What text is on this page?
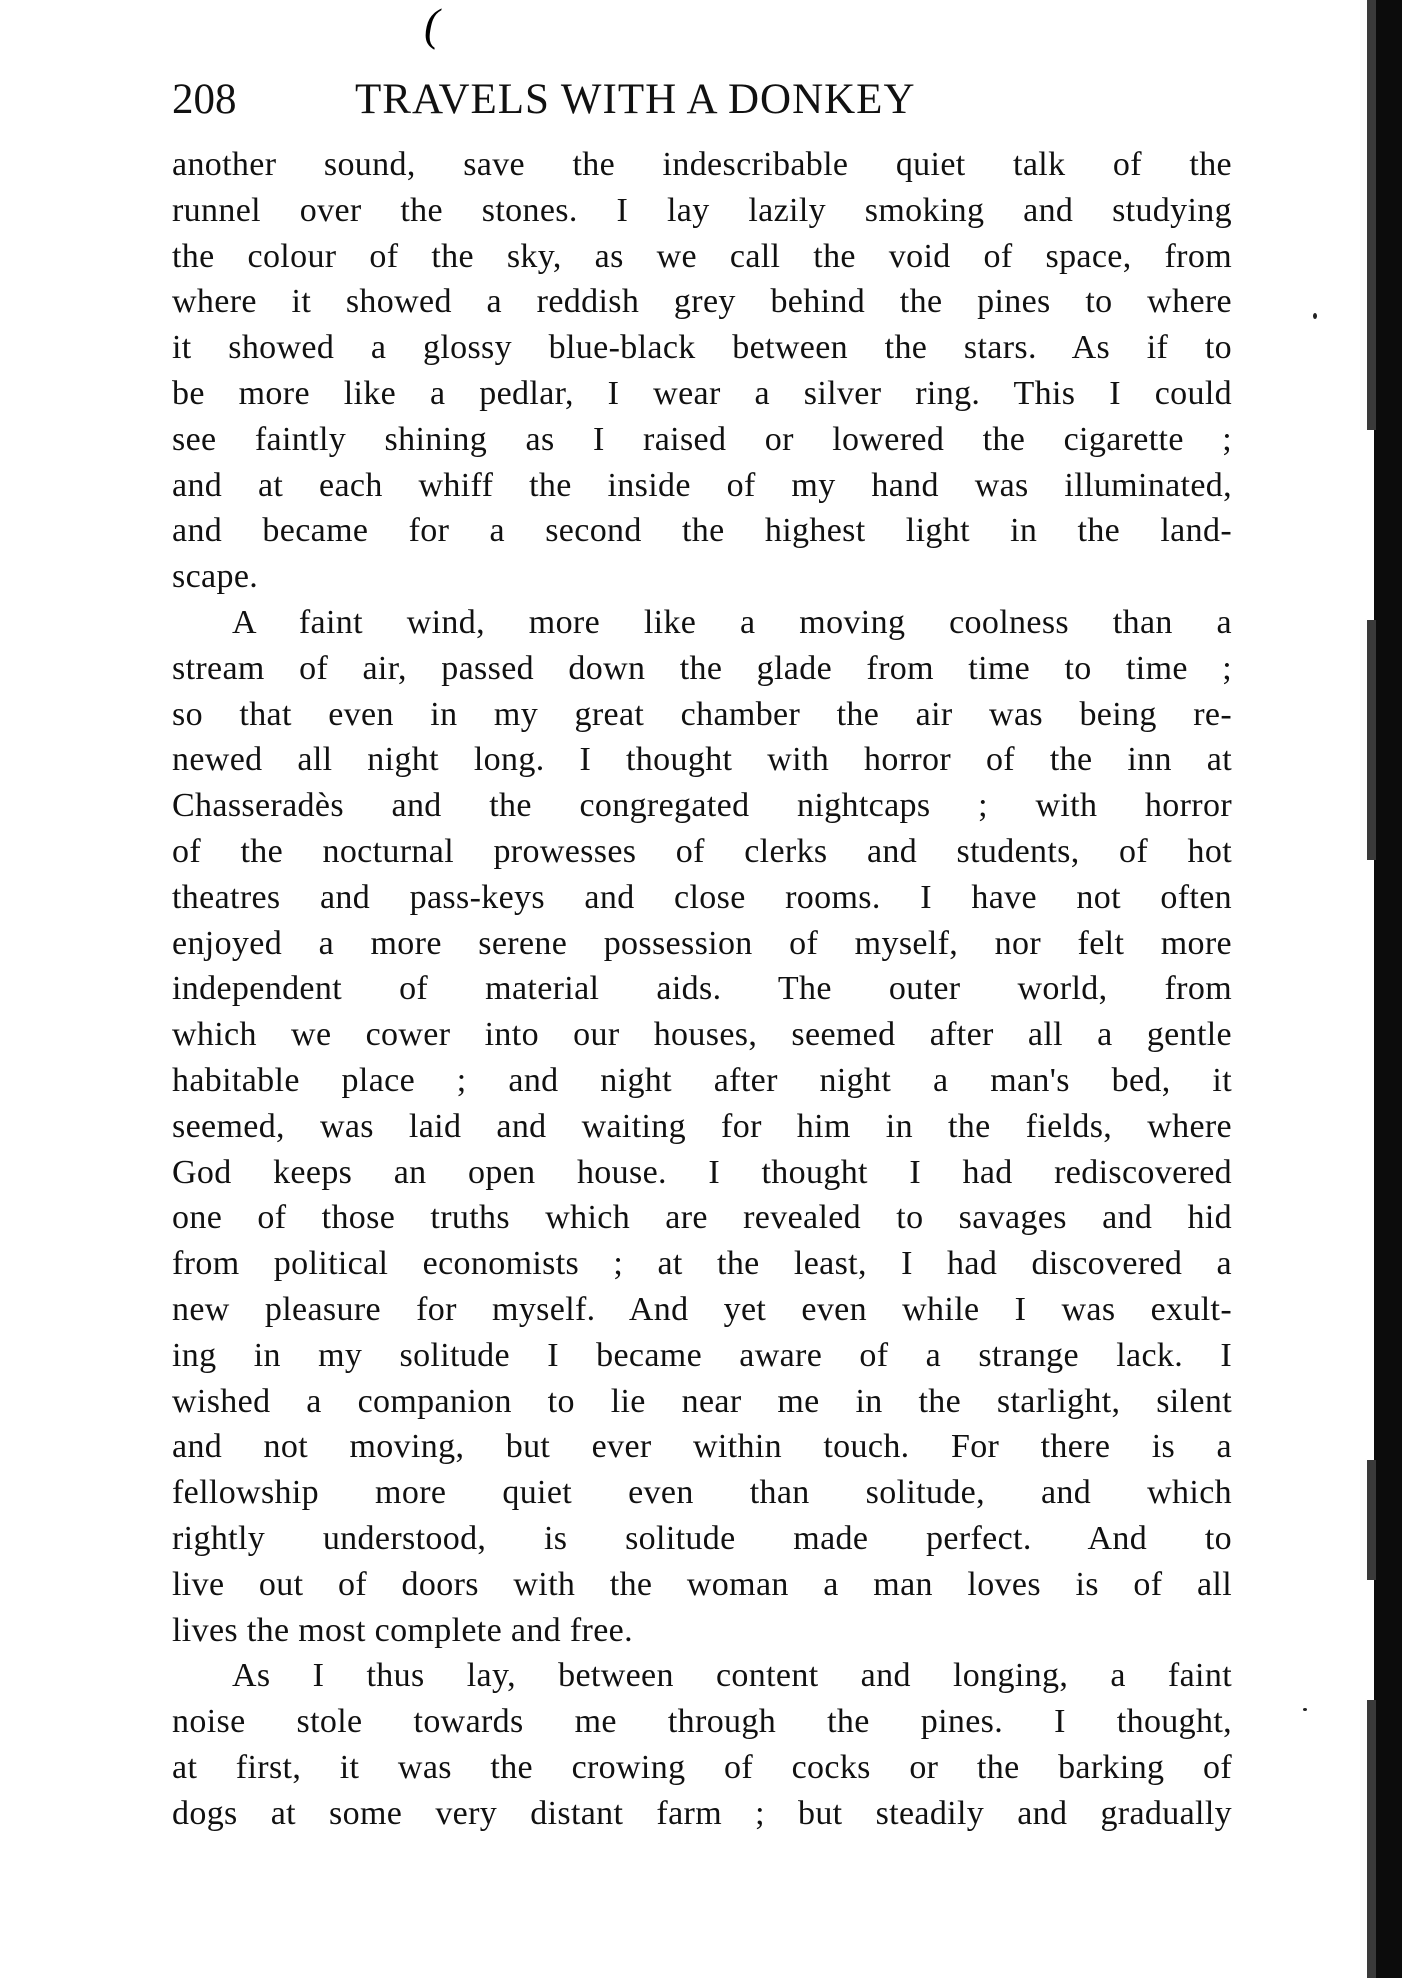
(
208	TRAVELS WITH A DONKEY
another sound, save the indescribable quiet talk of the
runnel over the stones. I lay lazily smoking and studying
the colour of the sky, as we call the void of space, from
where it showed a reddish grey behind the pines to where
it showed a glossy blue-black between the stars. As if to
be more like a pedlar, I wear a silver ring. This I could
see faintly shining as I raised or lowered the cigarette ;
and at each whiff the inside of my hand was illuminated,
and became for a second the highest light in the land-
scape.
A faint wind, more like a moving coolness than a
stream of air, passed down the glade from time to time ;
so that even in my great chamber the air was being re-
newed all night long. I thought with horror of the inn at
Chasseradès and the congregated nightcaps ; with horror
of the nocturnal prowesses of clerks and students, of hot
theatres and pass-keys and close rooms. I have not often
enjoyed a more serene possession of myself, nor felt more
independent of material aids. The outer world, from
which we cower into our houses, seemed after all a gentle
habitable place ; and night after night a man's bed, it
seemed, was laid and waiting for him in the fields, where
God keeps an open house. I thought I had rediscovered
one of those truths which are revealed to savages and hid
from political economists ; at the least, I had discovered a
new pleasure for myself. And yet even while I was exult-
ing in my solitude I became aware of a strange lack. I
wished a companion to lie near me in the starlight, silent
and not moving, but ever within touch. For there is a
fellowship more quiet even than solitude, and which
rightly understood, is solitude made perfect. And to
live out of doors with the woman a man loves is of all
lives the most complete and free.
As I thus lay, between content and longing, a faint
noise stole towards me through the pines. I thought,
at first, it was the crowing of cocks or the barking of
dogs at some very distant farm ; but steadily and gradually
